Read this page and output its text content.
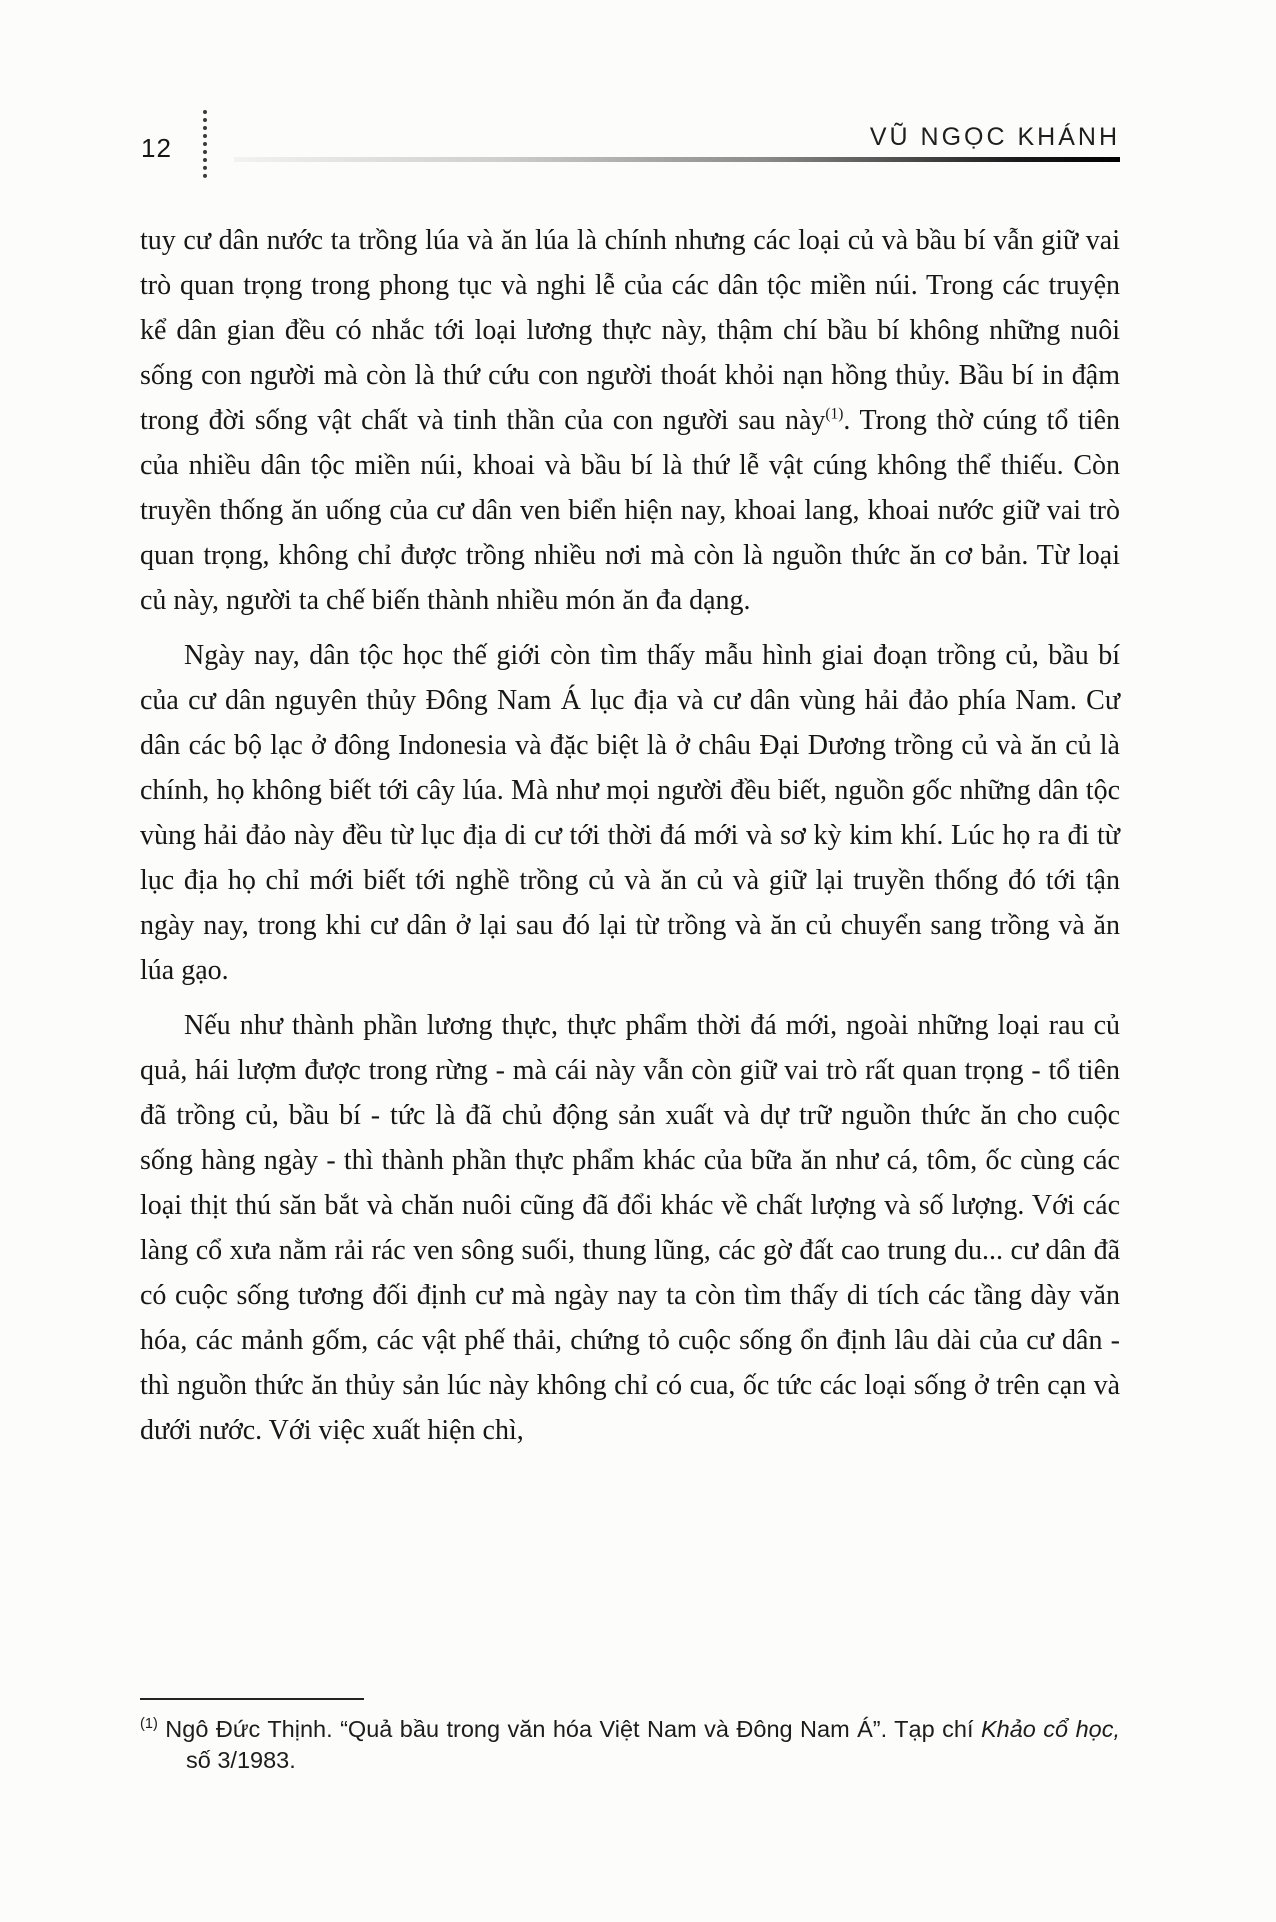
12	VŨ NGỌC KHÁNH

tuy cư dân nước ta trồng lúa và ăn lúa là chính nhưng các loại củ và bầu bí vẫn giữ vai trò quan trọng trong phong tục và nghi lễ của các dân tộc miền núi. Trong các truyện kể dân gian đều có nhắc tới loại lương thực này, thậm chí bầu bí không những nuôi sống con người mà còn là thứ cứu con người thoát khỏi nạn hồng thủy. Bầu bí in đậm trong đời sống vật chất và tinh thần của con người sau này$^{(1)}$. Trong thờ cúng tổ tiên của nhiều dân tộc miền núi, khoai và bầu bí là thứ lễ vật cúng không thể thiếu. Còn truyền thống ăn uống của cư dân ven biển hiện nay, khoai lang, khoai nước giữ vai trò quan trọng, không chỉ được trồng nhiều nơi mà còn là nguồn thức ăn cơ bản. Từ loại củ này, người ta chế biến thành nhiều món ăn đa dạng.

Ngày nay, dân tộc học thế giới còn tìm thấy mẫu hình giai đoạn trồng củ, bầu bí của cư dân nguyên thủy Đông Nam Á lục địa và cư dân vùng hải đảo phía Nam. Cư dân các bộ lạc ở đông Indonesia và đặc biệt là ở châu Đại Dương trồng củ và ăn củ là chính, họ không biết tới cây lúa. Mà như mọi người đều biết, nguồn gốc những dân tộc vùng hải đảo này đều từ lục địa di cư tới thời đá mới và sơ kỳ kim khí. Lúc họ ra đi từ lục địa họ chỉ mới biết tới nghề trồng củ và ăn củ và giữ lại truyền thống đó tới tận ngày nay, trong khi cư dân ở lại sau đó lại từ trồng và ăn củ chuyển sang trồng và ăn lúa gạo.

Nếu như thành phần lương thực, thực phẩm thời đá mới, ngoài những loại rau củ quả, hái lượm được trong rừng - mà cái này vẫn còn giữ vai trò rất quan trọng - tổ tiên đã trồng củ, bầu bí - tức là đã chủ động sản xuất và dự trữ nguồn thức ăn cho cuộc sống hàng ngày - thì thành phần thực phẩm khác của bữa ăn như cá, tôm, ốc cùng các loại thịt thú săn bắt và chăn nuôi cũng đã đổi khác về chất lượng và số lượng. Với các làng cổ xưa nằm rải rác ven sông suối, thung lũng, các gờ đất cao trung du... cư dân đã có cuộc sống tương đối định cư mà ngày nay ta còn tìm thấy di tích các tầng dày văn hóa, các mảnh gốm, các vật phế thải, chứng tỏ cuộc sống ổn định lâu dài của cư dân - thì nguồn thức ăn thủy sản lúc này không chỉ có cua, ốc tức các loại sống ở trên cạn và dưới nước. Với việc xuất hiện chì,

$^{(1)}$ Ngô Đức Thịnh. “Quả bầu trong văn hóa Việt Nam và Đông Nam Á”. Tạp chí Khảo cổ học, số 3/1983.
